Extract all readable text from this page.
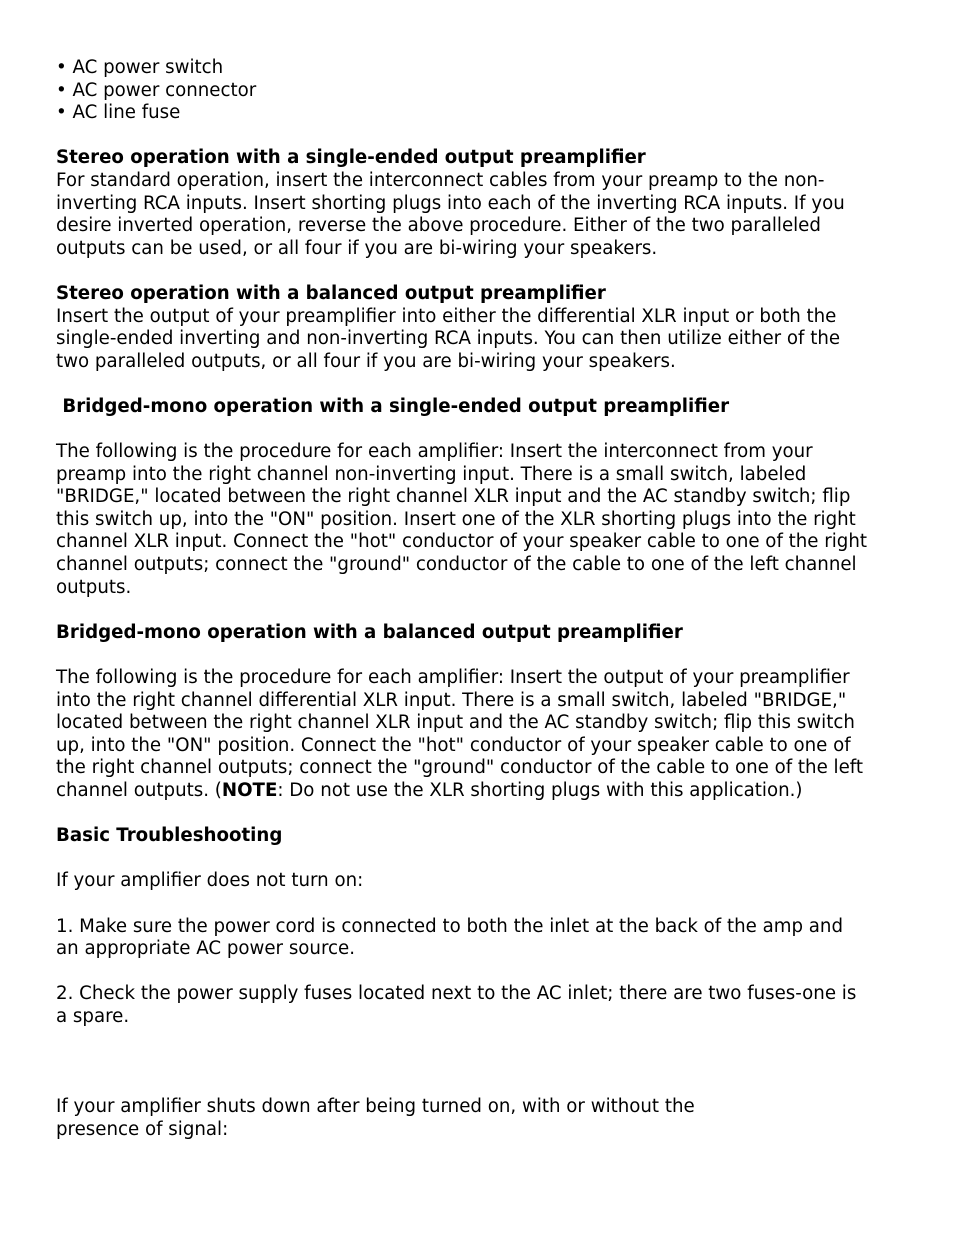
• AC power switch
• AC power connector
• AC line fuse
Stereo operation with a single-ended output preamplifier

For standard operation, insert the interconnect cables from your preamp to the non-
inverting RCA inputs. Insert shorting plugs into each of the inverting RCA inputs. If you
desire inverted operation, reverse the above procedure. Either of the two paralleled
outputs can be used, or all four if you are bi-wiring your speakers.

Stereo operation with a balanced output preamplifier

Insert the output of your preamplifier into either the differential XLR input or both the
single-ended inverting and non-inverting RCA inputs. You can then utilize either of the
two paralleled outputs, or all four if you are bi-wiring your speakers.

Bridged-mono operation with a single-ended output preamplifier

The following is the procedure for each amplifier: Insert the interconnect from your
preamp into the right channel non-inverting input. There is a small switch, labeled
"BRIDGE," located between the right channel XLR input and the AC standby switch; flip
this switch up, into the "ON" position. Insert one of the XLR shorting plugs into the right
channel XLR input. Connect the "hot" conductor of your speaker cable to one of the right
channel outputs; connect the "ground" conductor of the cable to one of the left channel
outputs.

Bridged-mono operation with a balanced output preamplifier

The following is the procedure for each amplifier: Insert the output of your preamplifier
into the right channel differential XLR input. There is a small switch, labeled "BRIDGE,"
located between the right channel XLR input and the AC standby switch; flip this switch
up, into the "ON" position. Connect the "hot" conductor of your speaker cable to one of
the right channel outputs; connect the "ground" conductor of the cable to one of the left
channel outputs. (NOTE: Do not use the XLR shorting plugs with this application.)

Basic Troubleshooting

If your amplifier does not turn on:

1. Make sure the power cord is connected to both the inlet at the back of the amp and
an appropriate AC power source.

2. Check the power supply fuses located next to the AC inlet; there are two fuses-one is
a spare.

If your amplifier shuts down after being turned on, with or without the
presence of signal:
